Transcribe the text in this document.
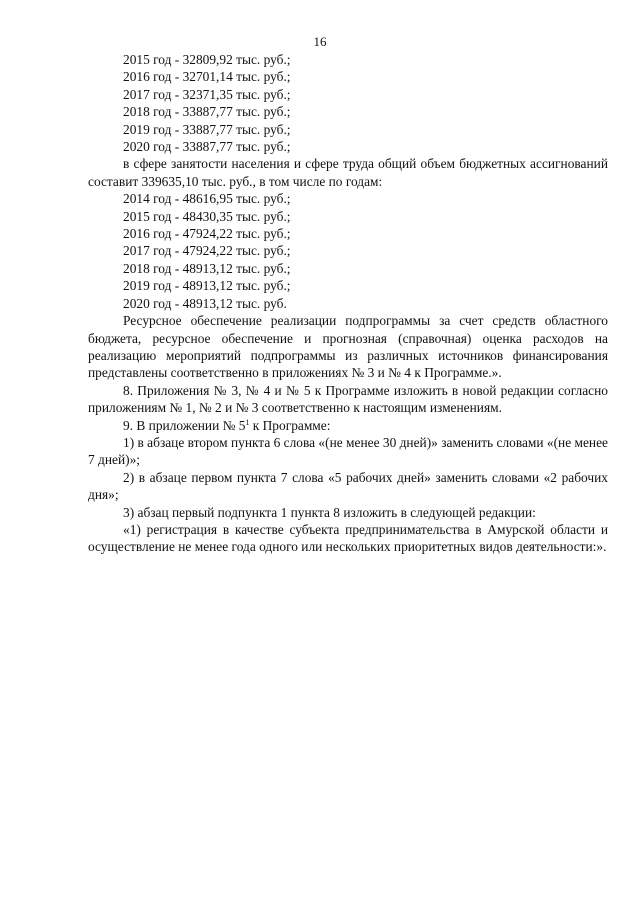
16
2015 год - 32809,92 тыс. руб.;
2016 год - 32701,14 тыс. руб.;
2017 год - 32371,35 тыс. руб.;
2018 год - 33887,77 тыс. руб.;
2019 год - 33887,77 тыс. руб.;
2020 год - 33887,77 тыс. руб.;
в сфере занятости населения и сфере труда общий объем бюджетных ассигнований составит 339635,10 тыс. руб., в том числе по годам:
2014 год - 48616,95 тыс. руб.;
2015 год - 48430,35 тыс. руб.;
2016 год - 47924,22 тыс. руб.;
2017 год - 47924,22 тыс. руб.;
2018 год - 48913,12 тыс. руб.;
2019 год - 48913,12 тыс. руб.;
2020 год - 48913,12 тыс. руб.
Ресурсное обеспечение реализации подпрограммы за счет средств областного бюджета, ресурсное обеспечение и прогнозная (справочная) оценка расходов на реализацию мероприятий подпрограммы из различных источников финансирования представлены соответственно в приложениях № 3 и № 4 к Программе.».
8. Приложения № 3, № 4 и № 5 к Программе изложить в новой редакции согласно приложениям № 1, № 2 и № 3 соответственно к настоящим изменениям.
9. В приложении № $5^1$ к Программе:
1) в абзаце втором пункта 6 слова «(не менее 30 дней)» заменить словами «(не менее 7 дней)»;
2) в абзаце первом пункта 7 слова «5 рабочих дней» заменить словами «2 рабочих дня»;
3) абзац первый подпункта 1 пункта 8 изложить в следующей редакции:
«1) регистрация в качестве субъекта предпринимательства в Амурской области и осуществление не менее года одного или нескольких приоритетных видов деятельности:».
